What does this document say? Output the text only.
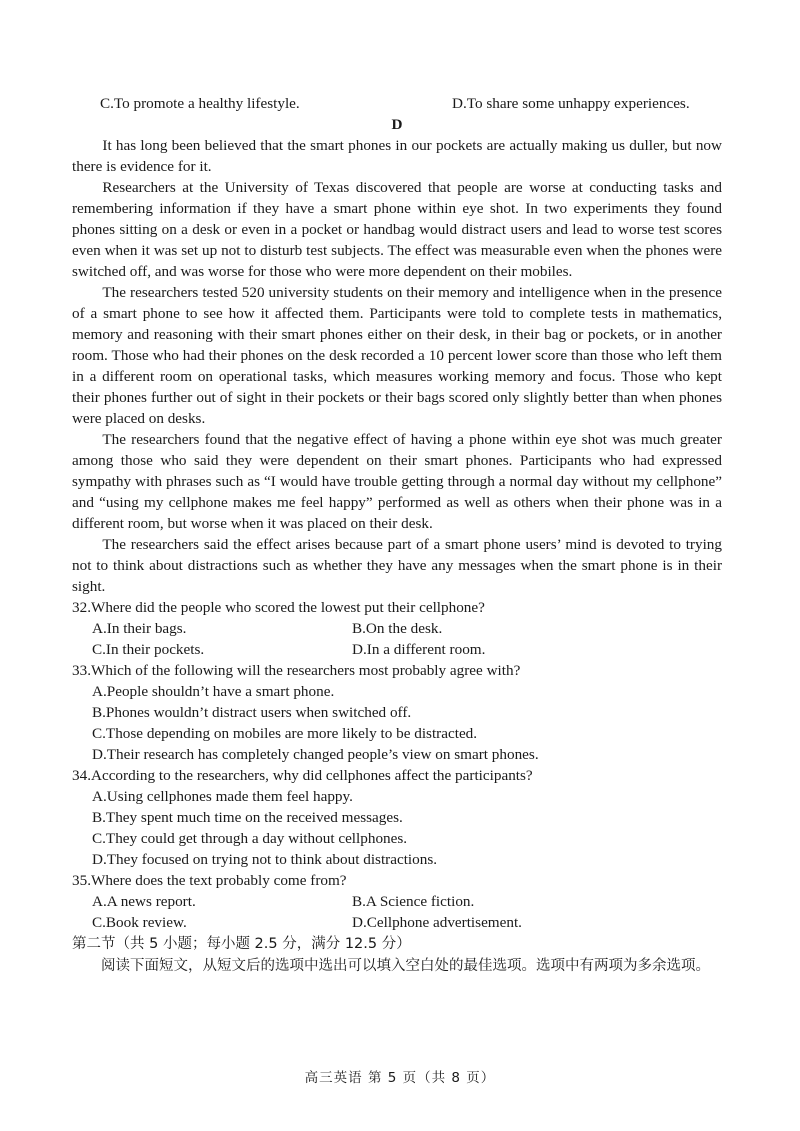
C.To promote a healthy lifestyle.	D.To share some unhappy experiences.
D

It has long been believed that the smart phones in our pockets are actually making us duller, but now there is evidence for it.

Researchers at the University of Texas discovered that people are worse at conducting tasks and remembering information if they have a smart phone within eye shot. In two experiments they found phones sitting on a desk or even in a pocket or handbag would distract users and lead to worse test scores even when it was set up not to disturb test subjects. The effect was measurable even when the phones were switched off, and was worse for those who were more dependent on their mobiles.

The researchers tested 520 university students on their memory and intelligence when in the presence of a smart phone to see how it affected them. Participants were told to complete tests in mathematics, memory and reasoning with their smart phones either on their desk, in their bag or pockets, or in another room. Those who had their phones on the desk recorded a 10 percent lower score than those who left them in a different room on operational tasks, which measures working memory and focus. Those who kept their phones further out of sight in their pockets or their bags scored only slightly better than when phones were placed on desks.

The researchers found that the negative effect of having a phone within eye shot was much greater among those who said they were dependent on their smart phones. Participants who had expressed sympathy with phrases such as “I would have trouble getting through a normal day without my cellphone” and “using my cellphone makes me feel happy” performed as well as others when their phone was in a different room, but worse when it was placed on their desk.

The researchers said the effect arises because part of a smart phone users’ mind is devoted to trying not to think about distractions such as whether they have any messages when the smart phone is in their sight.

32.Where did the people who scored the lowest put their cellphone?

A.In their bags.	B.On the desk.
C.In their pockets.	D.In a different room.

33.Which of the following will the researchers most probably agree with?

A.People shouldn’t have a smart phone.

B.Phones wouldn’t distract users when switched off.

C.Those depending on mobiles are more likely to be distracted.

D.Their research has completely changed people’s view on smart phones.

34.According to the researchers, why did cellphones affect the participants?

A.Using cellphones made them feel happy.

B.They spent much time on the received messages.

C.They could get through a day without cellphones.

D.They focused on trying not to think about distractions.

35.Where does the text probably come from?

A.A news report.	B.A Science fiction.
C.Book review.	D.Cellphone advertisement.

第二节（共 5 小题；每小题 2.5 分，满分 12.5 分）

阅读下面短文，从短文后的选项中选出可以填入空白处的最佳选项。选项中有两项为多余选项。

高三英语 第 5 页（共 8 页）
